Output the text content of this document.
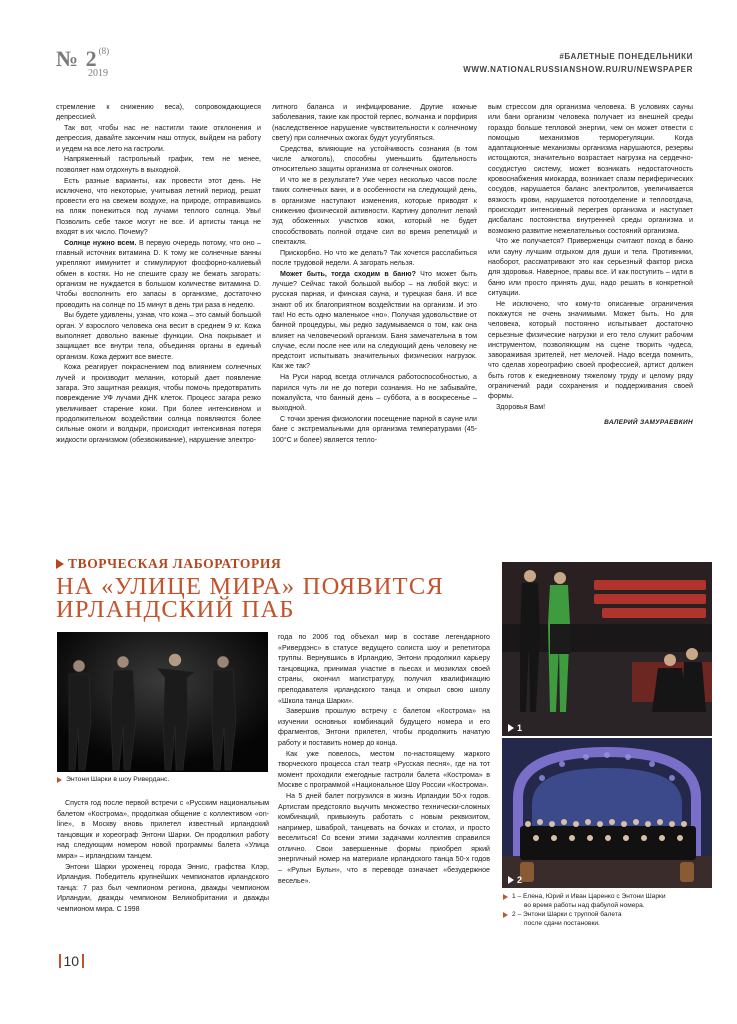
№ 2$^{(8)}$
2019
#БАЛЕТНЫЕ ПОНЕДЕЛЬНИКИ
WWW.NATIONALRUSSIANSHOW.RU/RU/NEWSPAPER

стремление к снижению веса), сопровождающиеся депрессией.

Так вот, чтобы нас не настигли такие отклонения и депрессия, давайте закончим наш отпуск, выйдем на работу и уедем на все лето на гастроли.

Напряженный гастрольный график, тем не менее, позволяет нам отдохнуть в выходной.

Есть разные варианты, как провести этот день. Не исключено, что некоторые, учитывая летний период, решат провести его на свежем воздухе, на природе, отправившись на пляж понежиться под лучами теплого солнца. Увы! Позволить себе такое могут не все. И артисты танца не входят в их число. Почему?

Солнце нужно всем. В первую очередь потому, что оно – главный источник витамина D. К тому же солнечные ванны укрепляют иммунитет и стимулируют фосфорно-калиевый обмен в костях. Но не спешите сразу же бежать загорать: организм не нуждается в большом количестве витамина D. Чтобы восполнить его запасы в организме, достаточно проводить на солнце по 15 минут в день три раза в неделю.

Вы будете удивлены, узнав, что кожа – это самый большой орган. У взрослого человека она весит в среднем 9 кг. Кожа выполняет довольно важные функции. Она покрывает и защищает все внутри тела, объединяя органы в единый организм. Кожа держит все вместе.

Кожа реагирует покраснением под влиянием солнечных лучей и производит меланин, который дает появление загара. Это защитная реакция, чтобы помочь предотвратить повреждение УФ лучами ДНК клеток. Процесс загара резко увеличивает старение кожи. При более интенсивном и продолжительном воздействии солнца появляются более сильные ожоги и волдыри, происходит интенсивная потеря жидкости организмом (обезвоживание), нарушение электро-

литного баланса и инфицирование. Другие кожные заболевания, такие как простой герпес, волчанка и порфирия (наследственное нарушение чувствительности к солнечному свету) при солнечных ожогах будут усугубляться.

Средства, влияющие на устойчивость сознания (в том числе алкоголь), способны уменьшить бдительность относительно защиты организма от солнечных ожогов.

И что же в результате? Уже через несколько часов после таких солнечных ванн, и в особенности на следующий день, в организме наступают изменения, которые приводят к снижению физической активности. Картину дополнит легкий зуд обоженных участков кожи, который не будет способствовать полной отдаче сил во время репетиций и спектакля.

Прискорбно. Но что же делать? Так хочется расслабиться после трудовой недели. А загорать нельзя.

Может быть, тогда сходим в баню? Что может быть лучше? Сейчас такой большой выбор – на любой вкус: и русская парная, и финская сауна, и турецкая баня. И все знают об их благоприятном воздействии на организм. И это так! Но есть одно маленькое «но». Получая удовольствие от банной процедуры, мы редко задумываемся о том, как она влияет на человеческий организм. Баня замечательна в том случае, если после нее или на следующий день человеку не предстоит испытывать значительных физических нагрузок. Как же так?

На Руси народ всегда отличался работоспособностью, а парился чуть ли не до потери сознания. Но не забывайте, пожалуйста, что банный день – суббота, а в воскресенье – выходной.

С точки зрения физиологии посещение парной в сауне или бане с экстремальными для организма температурами (45-100°С и более) является тепло-

вым стрессом для организма человека. В условиях сауны или бани организм человека получает из внешней среды гораздо больше тепловой энергии, чем он может отвести с помощью механизмов терморегуляции. Когда адаптационные механизмы организма нарушаются, резервы истощаются, значительно возрастает нагрузка на сердечно-сосудистую систему, может возникать недостаточность кровоснабжения миокарда, возникает спазм периферических сосудов, нарушается баланс электролитов, увеличивается вязкость крови, нарушается потоотделение и теплоотдача, происходит интенсивный перегрев организма и наступает дисбаланс постоянства внутренней среды организма и возможно развитие нежелательных состояний организма.

Что же получается? Приверженцы считают поход в баню или сауну лучшим отдыхом для души и тела. Противники, наоборот, рассматривают это как серьезный фактор риска для здоровья. Наверное, правы все. И как поступить – идти в баню или просто принять душ, надо решать в конкретной ситуации.

Не исключено, что кому-то описанные ограничения покажутся не очень значимыми. Может быть. Но для человека, который постоянно испытывает достаточно серьезные физические нагрузки и его тело служит рабочим инструментом, позволяющим на сцене творить чудеса, завораживая зрителей, нет мелочей. Надо всегда помнить, что сделав хореографию своей профессией, артист должен быть готов к ежедневному тяжелому труду и целому ряду ограничений ради сохранения и поддерживания своей формы.

Здоровья Вам!

ВАЛЕРИЙ ЗАМУРАЕВКИН
ТВОРЧЕСКАЯ ЛАБОРАТОРИЯ
НА «УЛИЦЕ МИРА» ПОЯВИТСЯ
ИРЛАНДСКИЙ ПАБ
Энтони Шарки в шоу Риверданс.

Спустя год после первой встречи с «Русским национальным балетом «Кострома», продолжая общение с коллективом «on-line», в Москву вновь прилетел известный ирландский танцовщик и хореограф Энтони Шарки. Он продолжил работу над следующим номером новой программы балета «Улица мира» – ирландским танцем.

Энтони Шарки уроженец города Эннис, графства Клэр, Ирландия. Победитель крупнейших чемпионатов ирландского танца: 7 раз был чемпионом региона, дважды чемпионом Ирландии, дважды чемпионом Великобритании и дважды чемпионом мира. С 1998

года по 2006 год объехал мир в составе легендарного «Ривердэнс» в статусе ведущего солиста шоу и репетитора труппы. Вернувшись в Ирландию, Энтони продолжил карьеру танцовщика, принимая участие в пьесах и мюзиклах своей страны, окончил магистратуру, получил квалификацию преподавателя ирландского танца и открыл свою школу «Школа танца Шарки».

Завершив прошлую встречу с балетом «Кострома» на изучении основных комбинаций будущего номера и его фрагментов, Энтони прилетел, чтобы продолжить начатую работу и поставить номер до конца.

Как уже повелось, местом по-настоящему жаркого творческого процесса стал театр «Русская песня», где на тот момент проходили ежегодные гастроли балета «Кострома» в Москве с программой «Национальное Шоу России «Кострома».

На 5 дней балет погрузился в жизнь Ирландии 50-х годов. Артистам предстояло выучить множество технически-сложных комбинаций, привыкнуть работать с новым реквизитом, например, шваброй, танцевать на бочках и столах, и просто веселиться! Со всеми этими задачами коллектив справился отлично. Свои завершенные формы приобрел яркий энергичный номер на материале ирландского танца 50-х годов – «Рульн Бульн», что в переводе означает «безудержное веселье».

1
2
1 – Елена, Юрий и Иван Царенко с Энтони Шарки
во время работы над фабулой номера.
2 – Энтони Шарки с труппой балета
после сдачи постановки.
10
